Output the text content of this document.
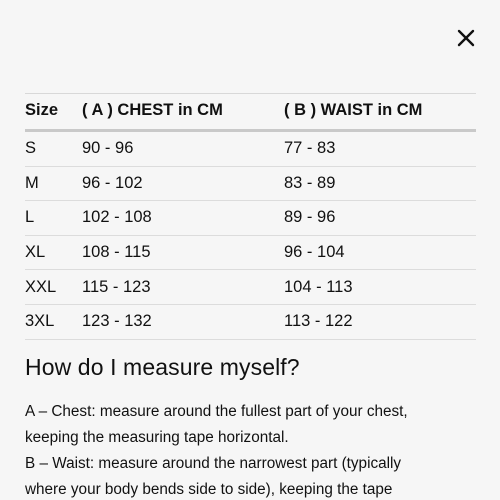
Size	( A ) CHEST in CM	( B ) WAIST in CM
S	90 - 96	77 - 83
M	96 - 102	83 - 89
L	102 - 108	89 - 96
XL	108 - 115	96 - 104
XXL	115 - 123	104 - 113
3XL	123 - 132	113 - 122
How do I measure myself?

A – Chest: measure around the fullest part of your chest,

keeping the measuring tape horizontal.

B – Waist: measure around the narrowest part (typically

where your body bends side to side), keeping the tape
